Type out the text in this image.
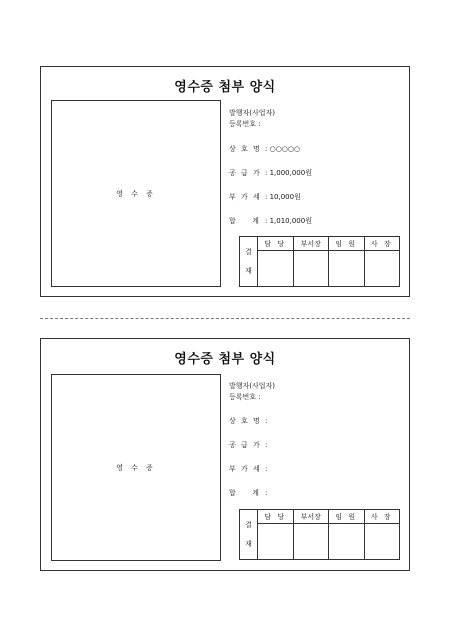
영수증 첨부 양식
영 수 증
발행자(사업자)
등록번호 :
상 호 명 : ○○○○○
공 급 가 : 1,000,000원
부 가 세 : 10,000원
합    계 : 1,010,000원
결
재	담 당	부서장	임 원	사 장

영수증 첨부 양식
영 수 증
발행자(사업자)
등록번호 :
상 호 명 :
공 급 가 :
부 가 세 :
합    계 :
결
재	담 당	부서장	임 원	사 장
